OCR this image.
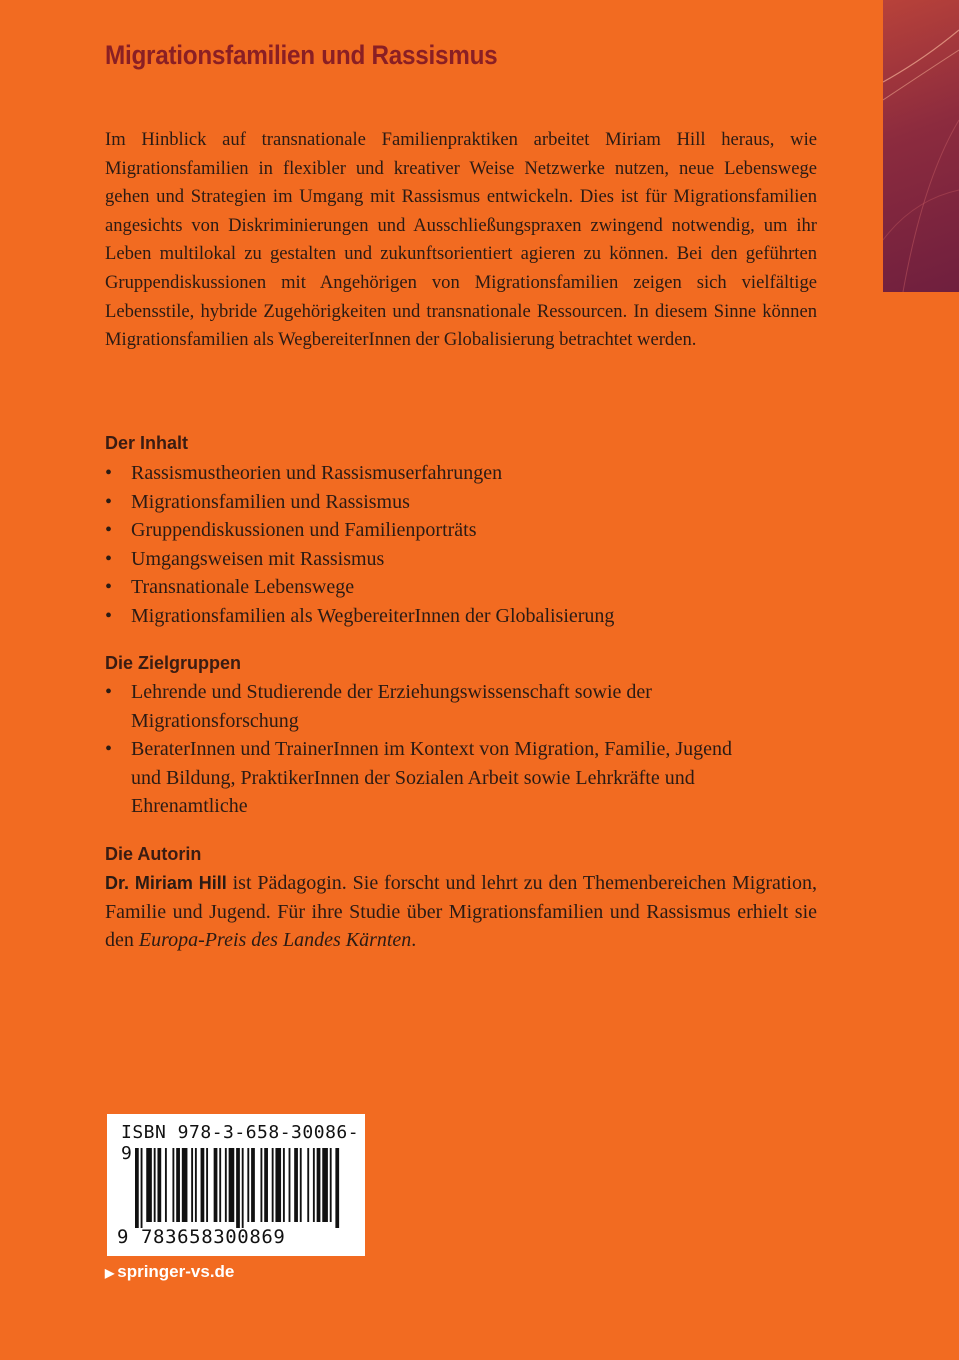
Migrationsfamilien und Rassismus
Im Hinblick auf transnationale Familienpraktiken arbeitet Miriam Hill heraus, wie Migrationsfamilien in flexibler und kreativer Weise Netzwerke nutzen, neue Lebenswege gehen und Strategien im Umgang mit Rassismus entwickeln. Dies ist für Migrationsfamilien angesichts von Diskriminierungen und Ausschließungspraxen zwingend notwendig, um ihr Leben multilokal zu gestalten und zukunftsorientiert agieren zu können. Bei den geführten Gruppendiskussionen mit Angehörigen von Migrationsfamilien zeigen sich vielfältige Lebensstile, hybride Zugehörigkeiten und transnationale Ressourcen. In diesem Sinne können Migrationsfamilien als WegbereiterInnen der Globalisierung betrachtet werden.
Der Inhalt
• Rassismustheorien und Rassismuserfahrungen
• Migrationsfamilien und Rassismus
• Gruppendiskussionen und Familienporträts
• Umgangsweisen mit Rassismus
• Transnationale Lebenswege
• Migrationsfamilien als WegbereiterInnen der Globalisierung
Die Zielgruppen
• Lehrende und Studierende der Erziehungswissenschaft sowie der Migrationsforschung
• BeraterInnen und TrainerInnen im Kontext von Migration, Familie, Jugend und Bildung, PraktikerInnen der Sozialen Arbeit sowie Lehrkräfte und Ehrenamtliche
Die Autorin
Dr. Miriam Hill ist Pädagogin. Sie forscht und lehrt zu den Themenbereichen Migration, Familie und Jugend. Für ihre Studie über Migrationsfamilien und Rassismus erhielt sie den Europa-Preis des Landes Kärnten.
ISBN 978-3-658-30086-9
9 783658300869
▶ springer-vs.de
